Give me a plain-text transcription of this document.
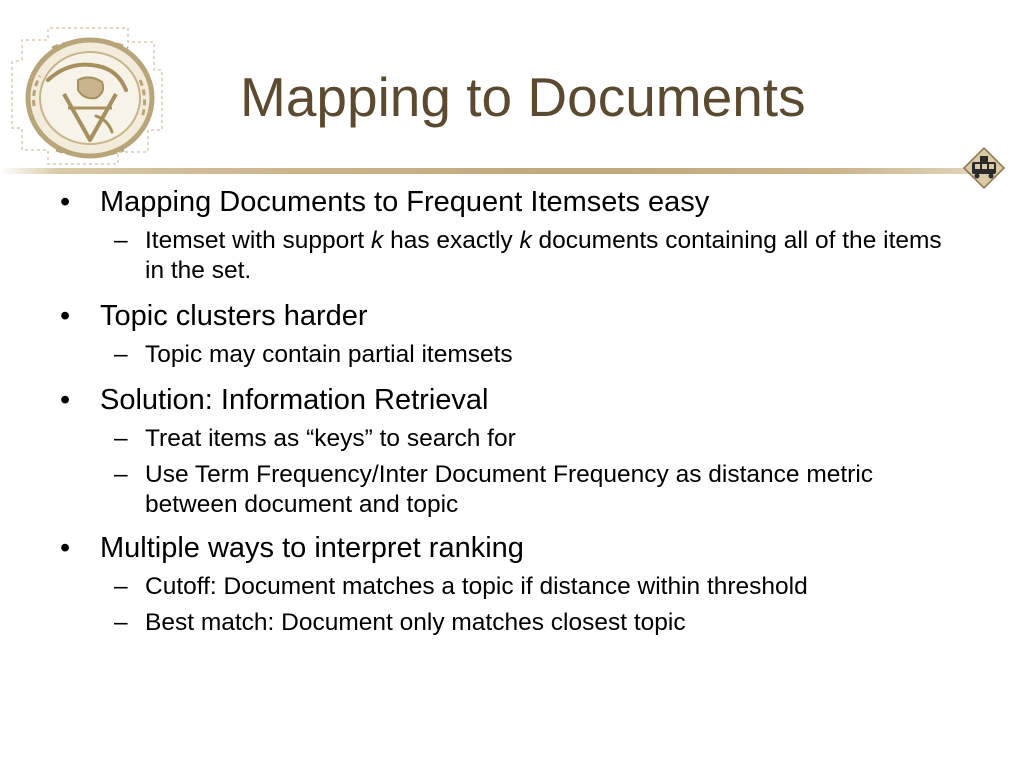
Mapping to Documents
• Mapping Documents to Frequent Itemsets easy
– Itemset with support k has exactly k documents containing all of the items in the set.
• Topic clusters harder
– Topic may contain partial itemsets
• Solution: Information Retrieval
– Treat items as “keys” to search for
– Use Term Frequency/Inter Document Frequency as distance metric between document and topic
• Multiple ways to interpret ranking
– Cutoff: Document matches a topic if distance within threshold
– Best match: Document only matches closest topic
